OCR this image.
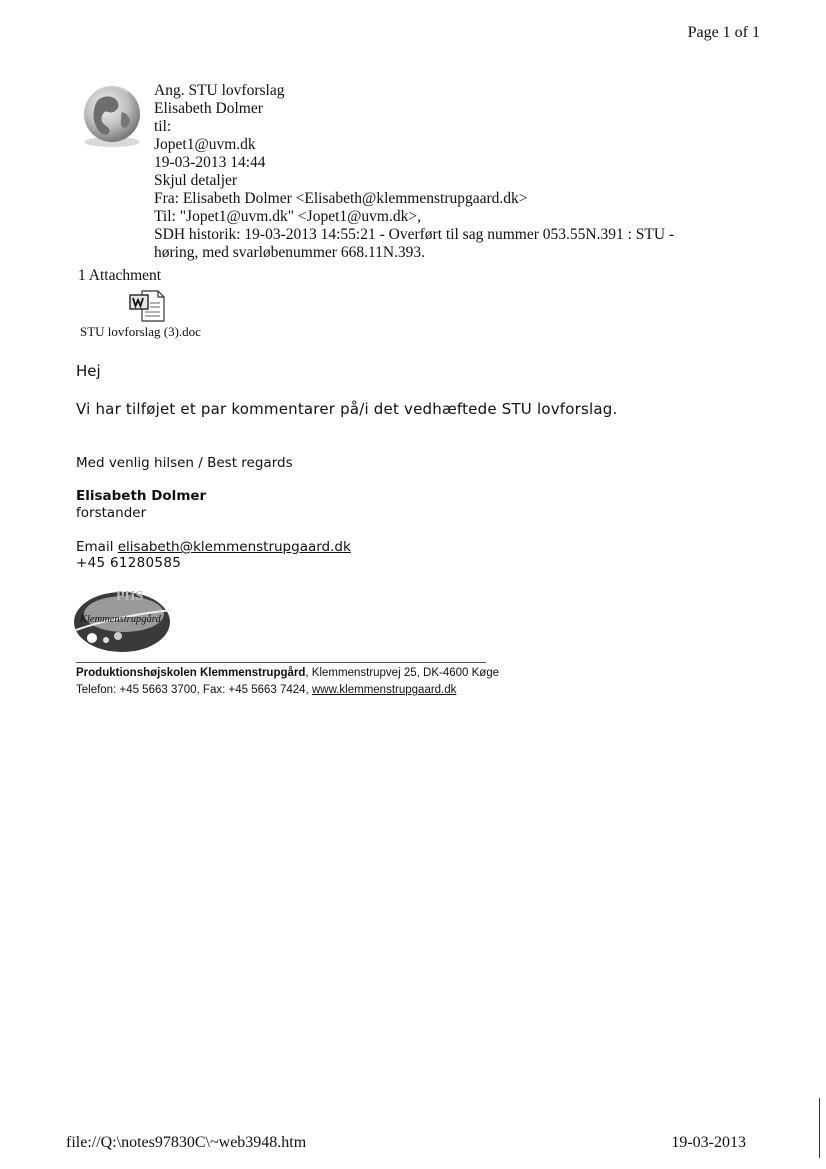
Page 1 of 1
Ang. STU lovforslag
Elisabeth Dolmer
til:
Jopet1@uvm.dk
19-03-2013 14:44
Skjul detaljer
Fra: Elisabeth Dolmer <Elisabeth@klemmenstrupgaard.dk>
Til: "Jopet1@uvm.dk" <Jopet1@uvm.dk>,
SDH historik: 19-03-2013 14:55:21 - Overført til sag nummer 053.55N.391 : STU -
høring, med svarløbenummer 668.11N.393.
1 Attachment
STU lovforslag (3).doc
Hej
Vi har tilføjet et par kommentarer på/i det vedhæftede STU lovforslag.
Med venlig hilsen / Best regards
Elisabeth Dolmer
forstander
Email elisabeth@klemmenstrupgaard.dk
+45 61280585
PHS
Klemmenstrupgård
Produktionshøjskolen Klemmenstrupgård, Klemmenstrupvej 25, DK-4600 Køge
Telefon: +45 5663 3700, Fax: +45 5663 7424, www.klemmenstrupgaard.dk
file://Q:\notes97830C\~web3948.htm	19-03-2013
